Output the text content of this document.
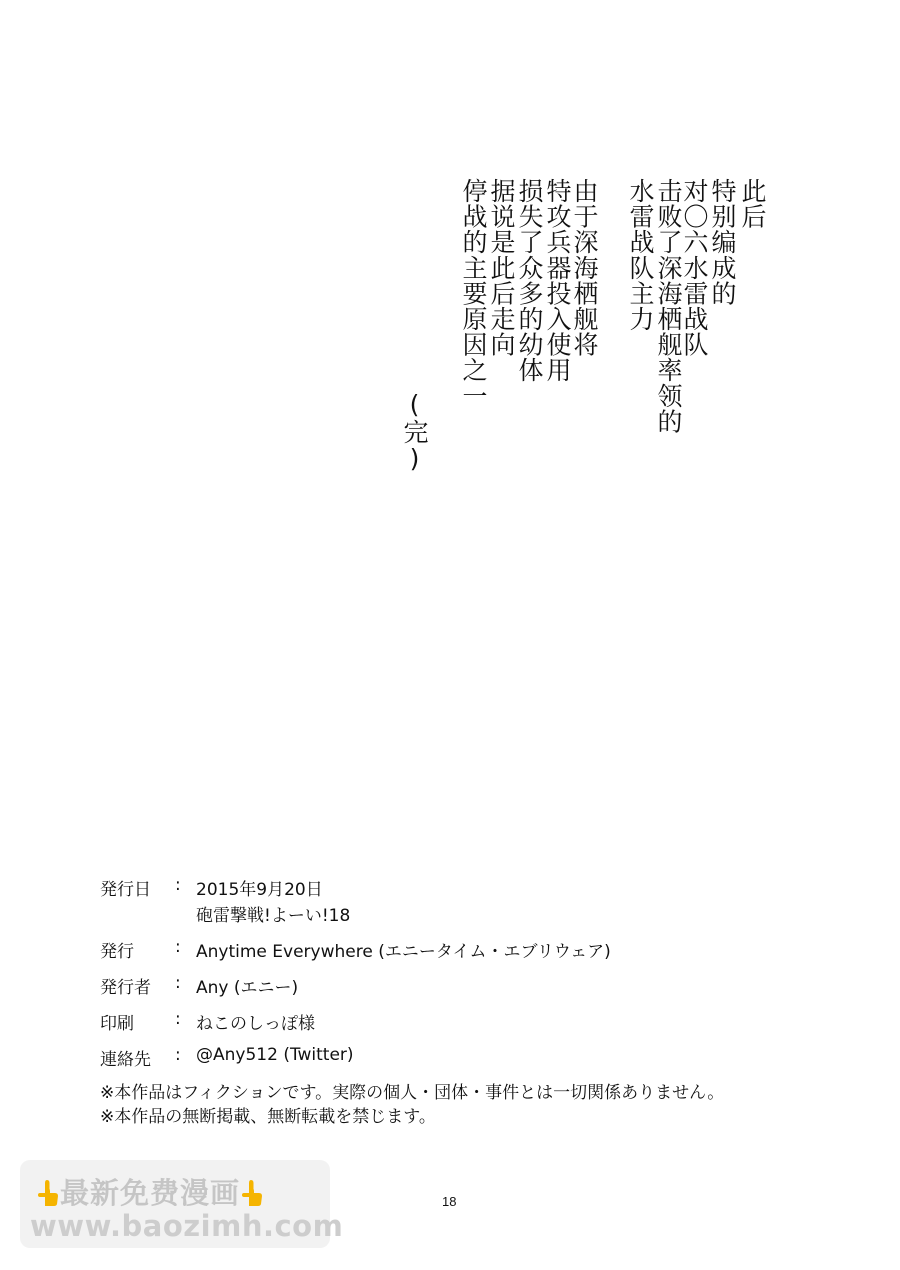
此后
特别编成的
对〇六水雷战队
击败了深海栖舰率领的
水雷战队主力
由于深海栖舰将
特攻兵器投入使用
损失了众多的幼体
据说是此后走向
停战的主要原因之一
(完)
発行日 : 2015年9月20日
砲雷撃戦!よーい!18
発行 : Anytime Everywhere (エニータイム・エブリウェア)
発行者 : Any (エニー)
印刷 : ねこのしっぽ様
連絡先 : @Any512 (Twitter)
※本作品はフィクションです。実際の個人・団体・事件とは一切関係ありません。
※本作品の無断掲載、無断転載を禁じます。
18
最新免费漫画
www.baozimh.com
